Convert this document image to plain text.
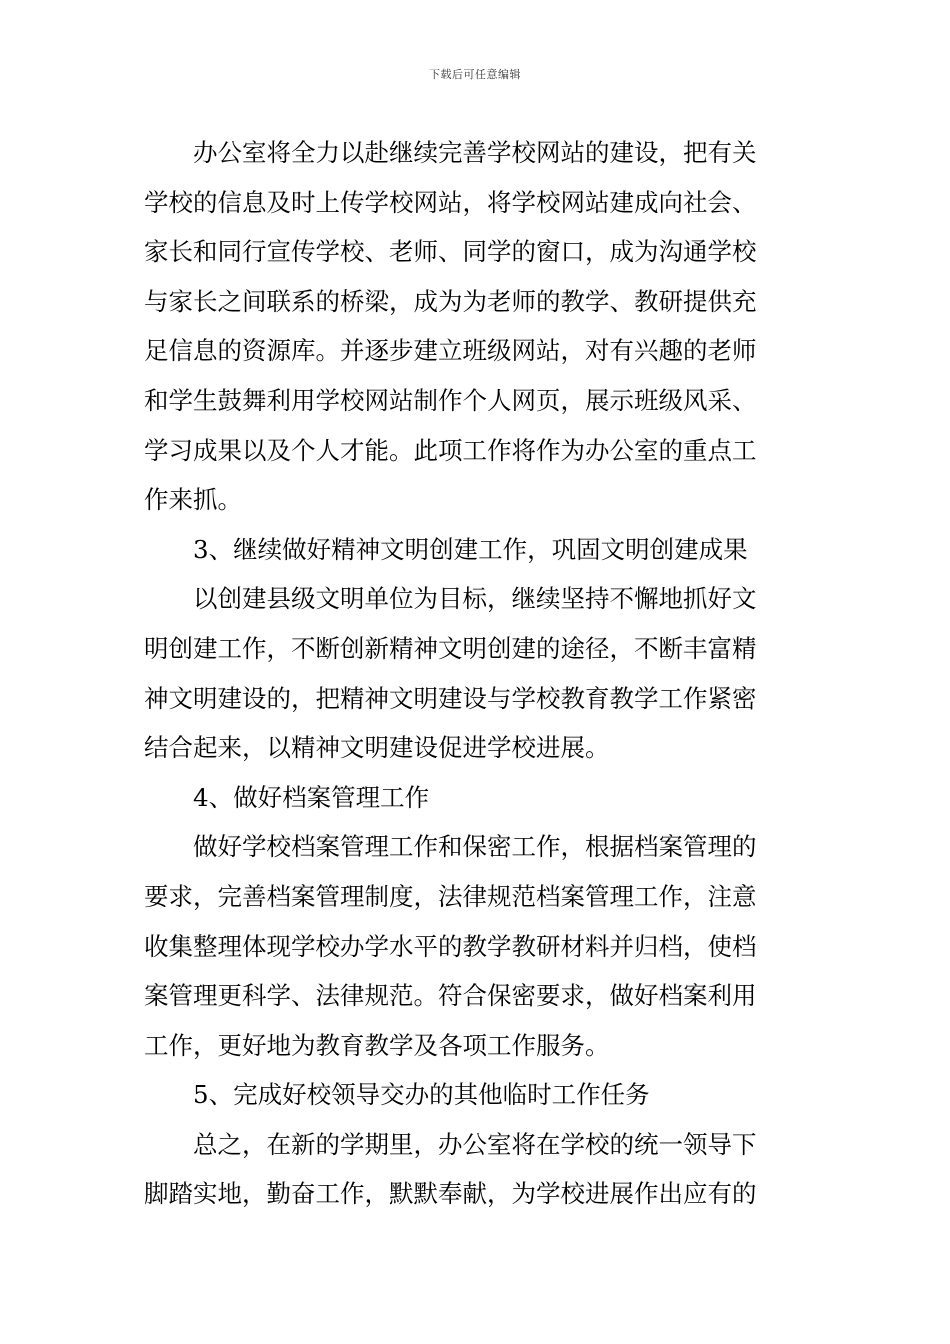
下载后可任意编辑
办公室将全力以赴继续完善学校网站的建设，把有关
学校的信息及时上传学校网站，将学校网站建成向社会、
家长和同行宣传学校、老师、同学的窗口，成为沟通学校
与家长之间联系的桥梁，成为为老师的教学、教研提供充
足信息的资源库。并逐步建立班级网站，对有兴趣的老师
和学生鼓舞利用学校网站制作个人网页，展示班级风采、
学习成果以及个人才能。此项工作将作为办公室的重点工
作来抓。
3、继续做好精神文明创建工作，巩固文明创建成果
以创建县级文明单位为目标，继续坚持不懈地抓好文
明创建工作，不断创新精神文明创建的途径，不断丰富精
神文明建设的，把精神文明建设与学校教育教学工作紧密
结合起来，以精神文明建设促进学校进展。
4、做好档案管理工作
做好学校档案管理工作和保密工作，根据档案管理的
要求，完善档案管理制度，法律规范档案管理工作，注意
收集整理体现学校办学水平的教学教研材料并归档，使档
案管理更科学、法律规范。符合保密要求，做好档案利用
工作，更好地为教育教学及各项工作服务。
5、完成好校领导交办的其他临时工作任务
总之，在新的学期里，办公室将在学校的统一领导下
脚踏实地，勤奋工作，默默奉献，为学校进展作出应有的
